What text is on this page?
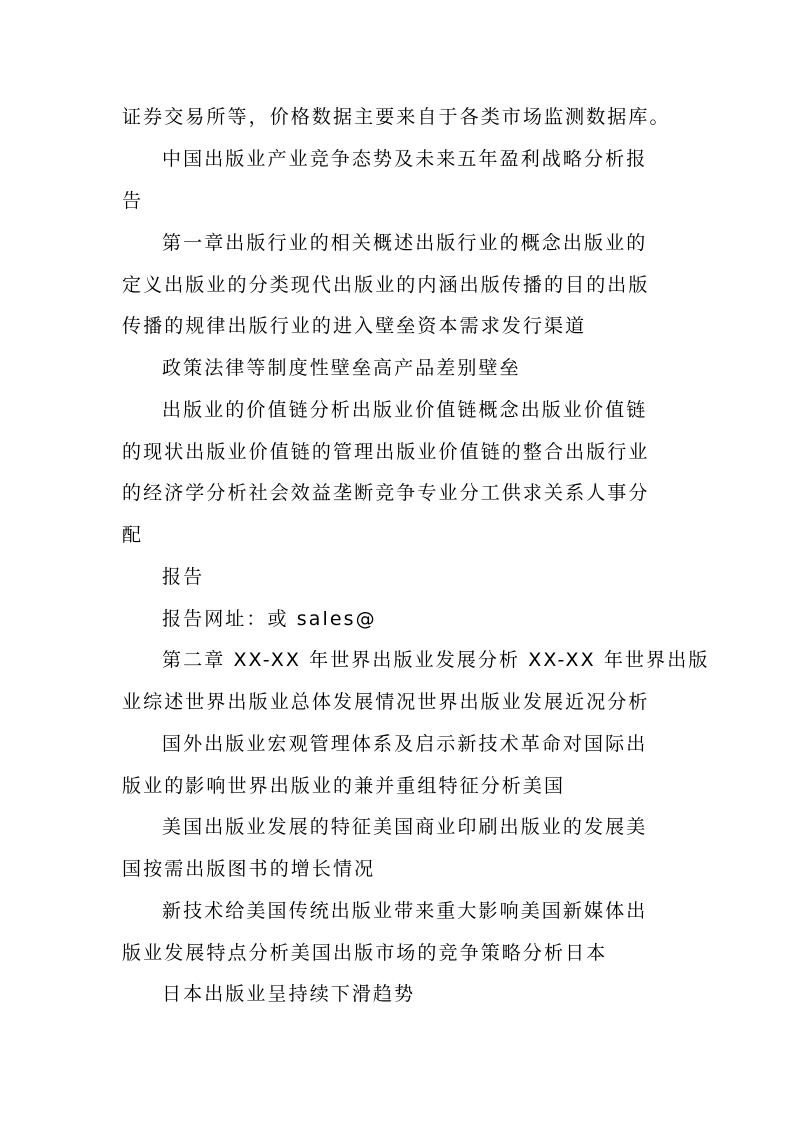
证券交易所等，价格数据主要来自于各类市场监测数据库。
中国出版业产业竞争态势及未来五年盈利战略分析报
告
第一章出版行业的相关概述出版行业的概念出版业的
定义出版业的分类现代出版业的内涵出版传播的目的出版
传播的规律出版行业的进入壁垒资本需求发行渠道
政策法律等制度性壁垒高产品差别壁垒
出版业的价值链分析出版业价值链概念出版业价值链
的现状出版业价值链的管理出版业价值链的整合出版行业
的经济学分析社会效益垄断竞争专业分工供求关系人事分
配
报告
报告网址：或 sales@
第二章 XX-XX 年世界出版业发展分析 XX-XX 年世界出版
业综述世界出版业总体发展情况世界出版业发展近况分析
国外出版业宏观管理体系及启示新技术革命对国际出
版业的影响世界出版业的兼并重组特征分析美国
美国出版业发展的特征美国商业印刷出版业的发展美
国按需出版图书的增长情况
新技术给美国传统出版业带来重大影响美国新媒体出
版业发展特点分析美国出版市场的竞争策略分析日本
日本出版业呈持续下滑趋势
